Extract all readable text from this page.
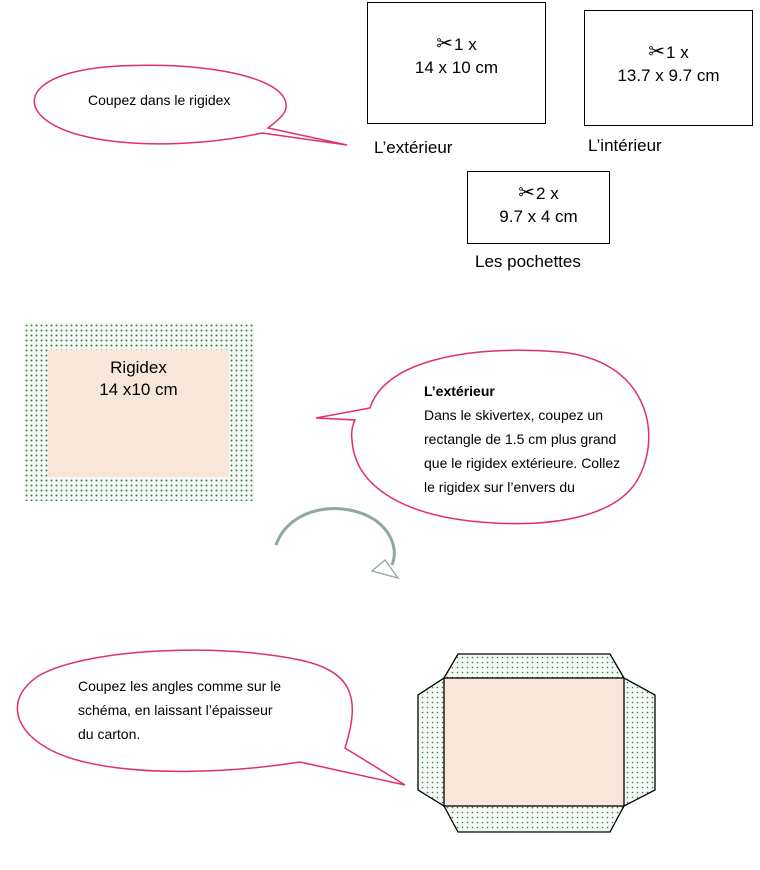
Coupez dans le rigidex
✂1 x
14 x 10 cm
L’extérieur
✂1 x
13.7 x 9.7 cm
L’intérieur
✂2 x
9.7 x 4 cm
Les pochettes
Rigidex
14 x10 cm	L’extérieur
Dans le skivertex, coupez un
rectangle de 1.5 cm plus grand
que le rigidex extérieure. Collez
le rigidex sur l’envers du
Coupez les angles comme sur le
schéma, en laissant l’épaisseur
du carton.
